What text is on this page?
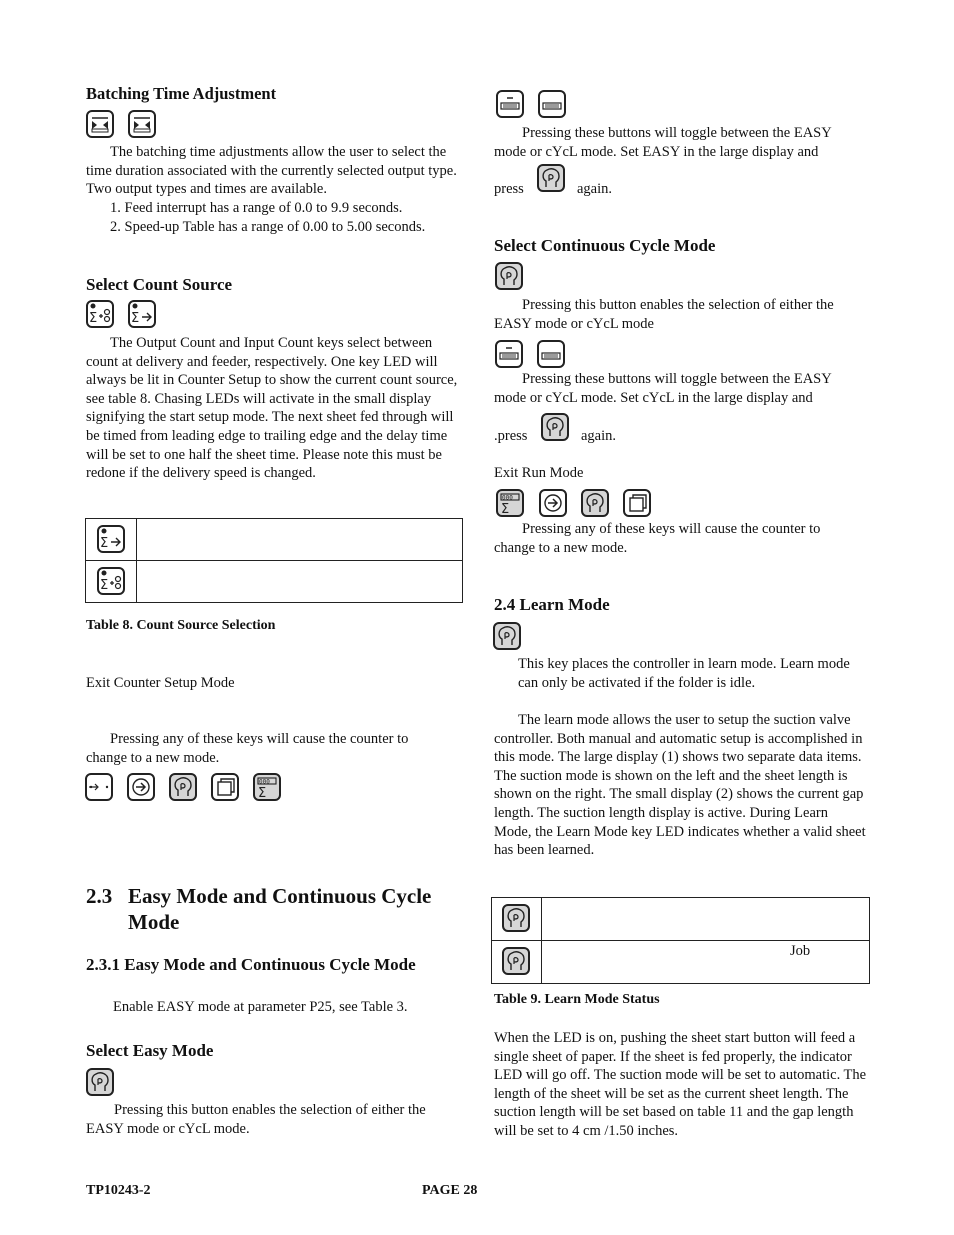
Batching Time Adjustment
The batching time adjustments allow the user to select the time duration associated with the currently selected output type. Two output types and times are available.
1. Feed interrupt has a range of 0.0 to 9.9 seconds.
2. Speed-up Table has a range of 0.00 to 5.00 seconds.
Select Count Source
The Output Count and Input Count keys select between count at delivery and feeder, respectively. One key LED will always be lit in Counter Setup to show the current count source, see table 8. Chasing LEDs will activate in the small display signifying the start setup mode. The next sheet fed through will be timed from leading edge to trailing edge and the delay time will be set to one half the sheet time. Please note this must be redone if the delivery speed is changed.

Table 8. Count Source Selection
Exit Counter Setup Mode
Pressing any of these keys will cause the counter to change to a new mode.
2.3 Easy Mode and Continuous Cycle Mode
2.3.1 Easy Mode and Continuous Cycle Mode
Enable EASY mode at parameter P25, see Table 3.
Select Easy Mode
Pressing this button enables the selection of either the EASY mode or cYcL mode.
Pressing these buttons will toggle between the EASY mode or cYcL mode. Set EASY in the large display and
press	again.
Select Continuous Cycle Mode
Pressing this button enables the selection of either the EASY mode or cYcL mode
Pressing these buttons will toggle between the EASY mode or cYcL mode. Set cYcL in the large display and
.press	again.
Exit Run Mode
Pressing any of these keys will cause the counter to change to a new mode.
2.4 Learn Mode
This key places the controller in learn mode. Learn mode can only be activated if the folder is idle.
The learn mode allows the user to setup the suction valve controller. Both manual and automatic setup is accomplished in this mode. The large display (1) shows two separate data items. The suction mode is shown on the left and the sheet length is shown on the right. The small display (2) shows the current gap length. The suction length display is active. During Learn Mode, the Learn Mode key LED indicates whether a valid sheet has been learned.

Job
Table 9. Learn Mode Status
When the LED is on, pushing the sheet start button will feed a single sheet of paper. If the sheet is fed properly, the indicator LED will go off. The suction mode will be set to automatic. The length of the sheet will be set as the current sheet length. The suction length will be set based on table 11 and the gap length will be set to 4 cm /1.50 inches.
TP10243-2	PAGE 28
